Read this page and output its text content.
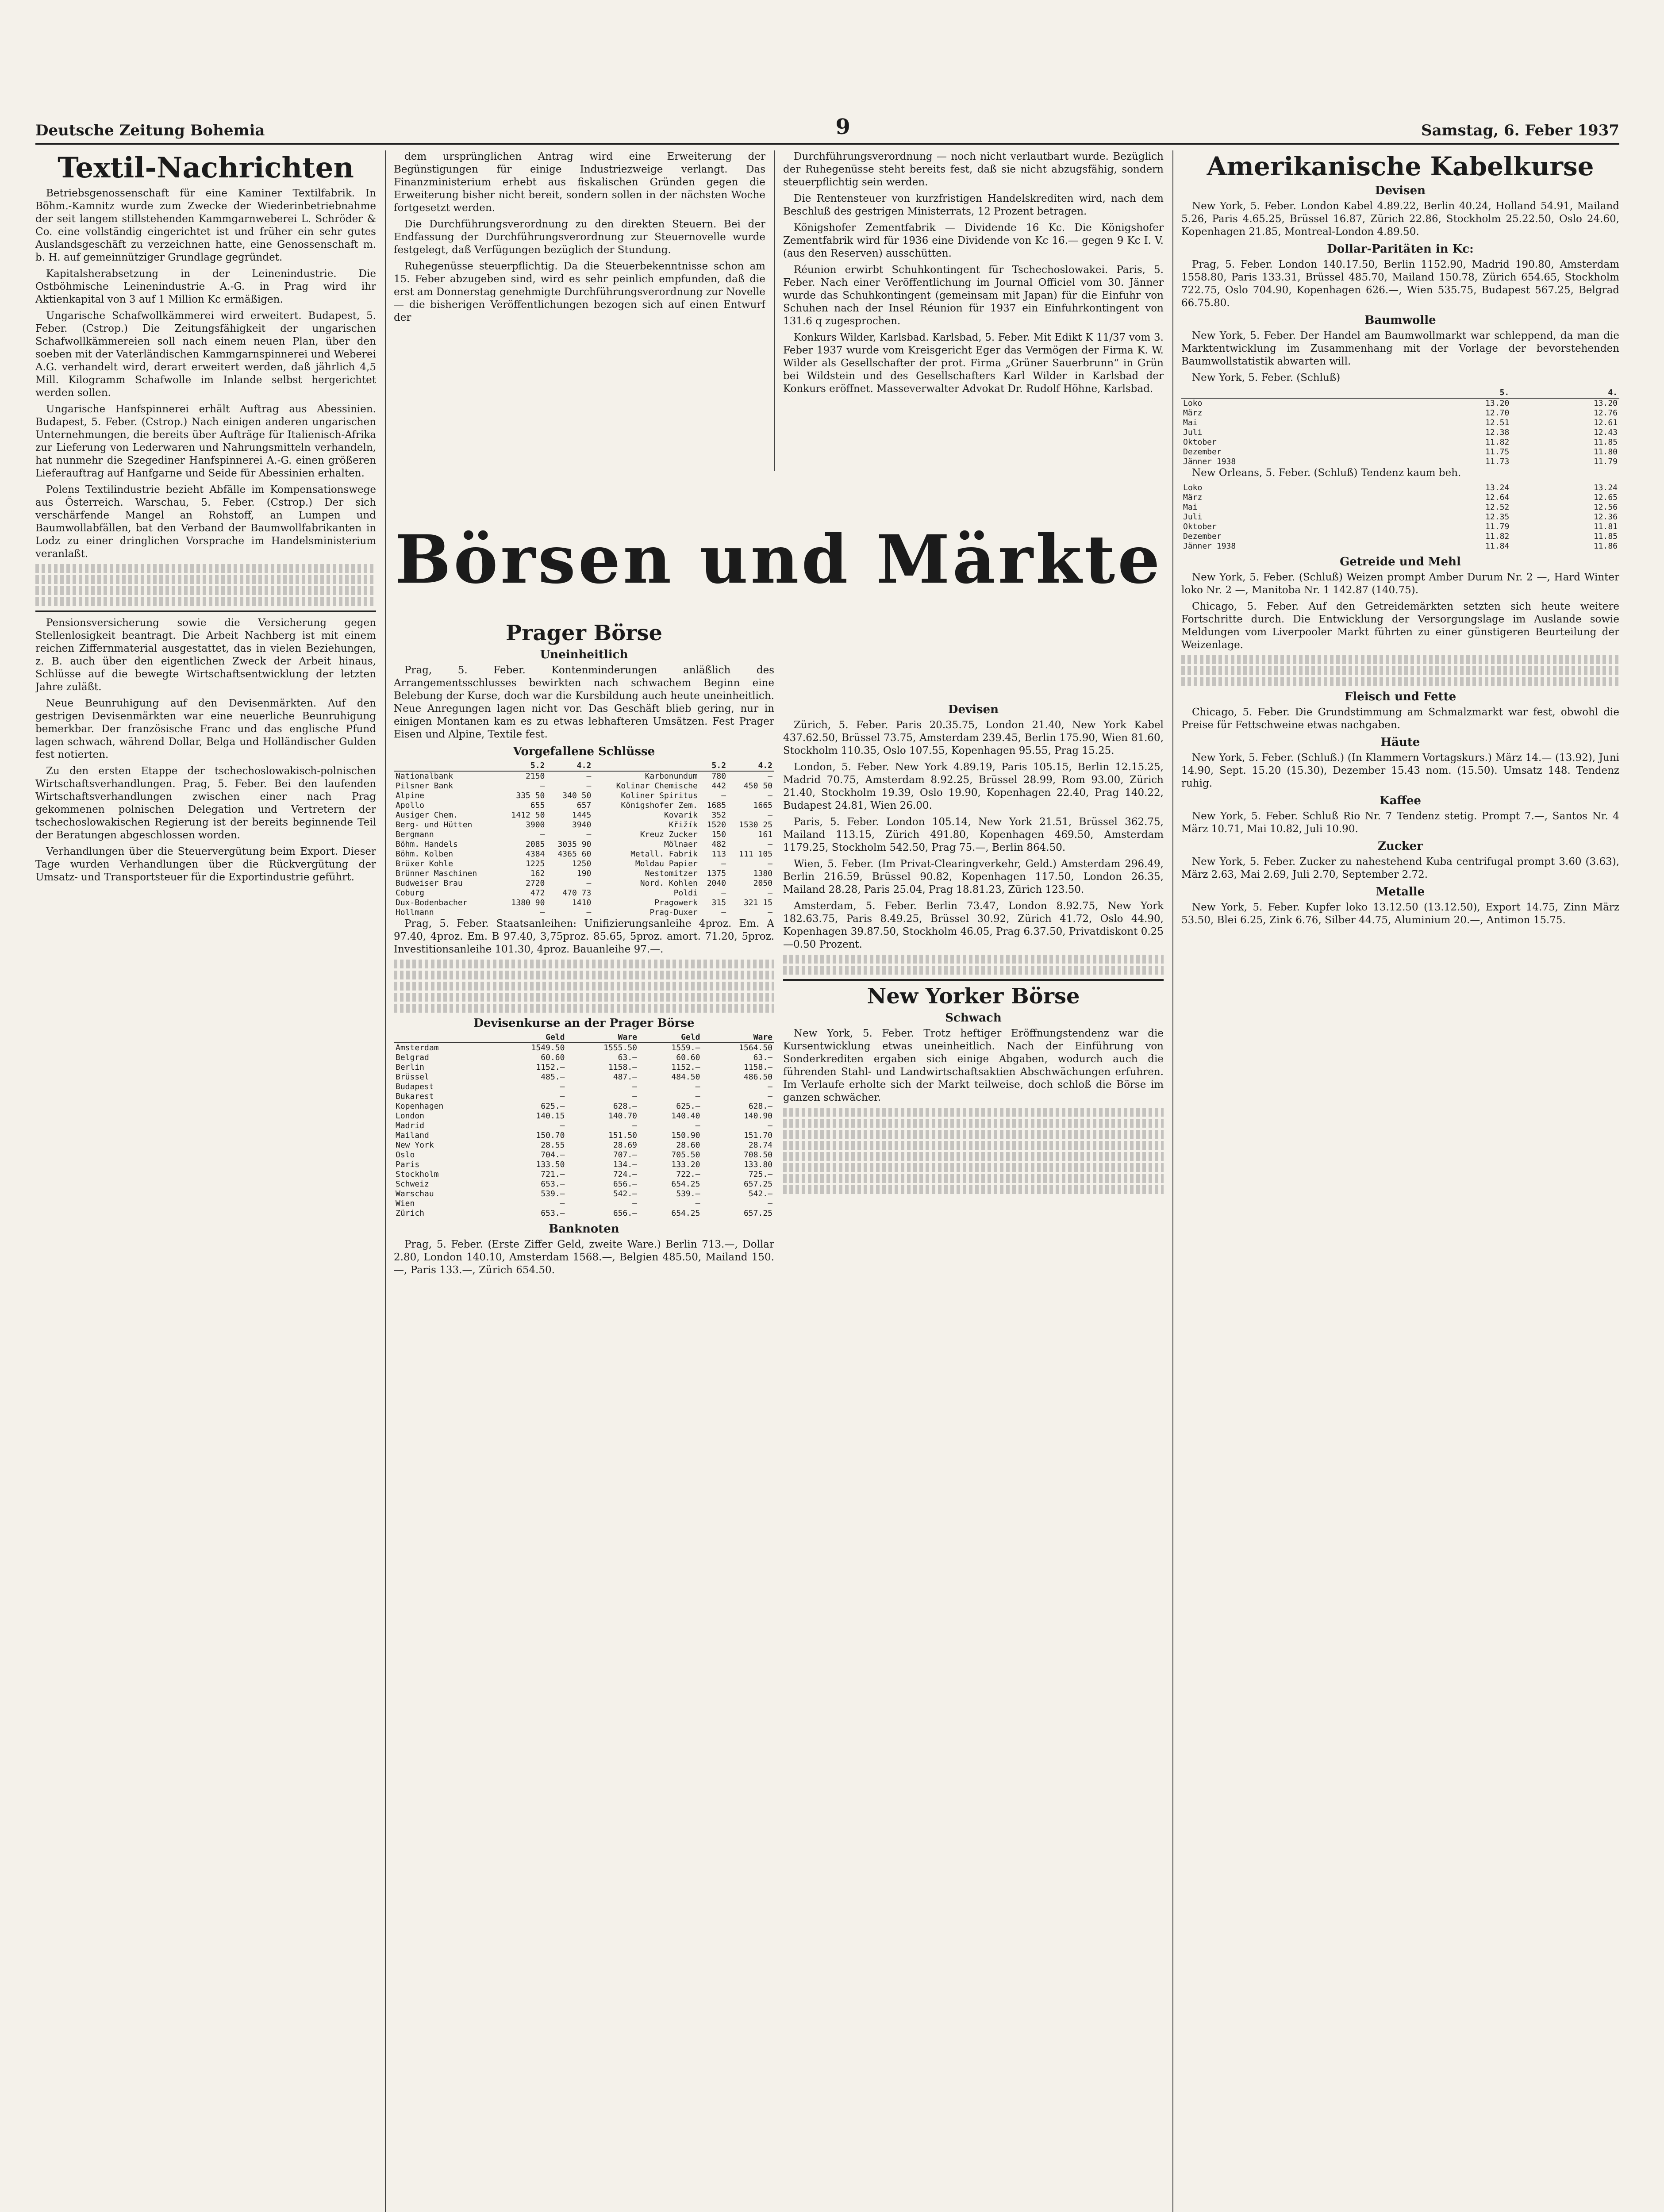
Deutsche Zeitung Bohemia	9	Samstag, 6. Feber 1937
Textil-Nachrichten

Betriebsgenossenschaft für eine Kaminer Textilfabrik. In Böhm.-Kamnitz wurde zum Zwecke der Wiederinbetriebnahme der seit langem stillstehenden Kammgarnweberei L. Schröder & Co. eine vollständig eingerichtet ist und früher ein sehr gutes Auslandsgeschäft zu verzeichnen hatte, eine Genossenschaft m. b. H. auf gemeinnütziger Grundlage gegründet.

Kapitalsherabsetzung in der Leinenindustrie. Die Ostböhmische Leinenindustrie A.-G. in Prag wird ihr Aktienkapital von 3 auf 1 Million Kc ermäßigen.

Ungarische Schafwollkämmerei wird erweitert. Budapest, 5. Feber. (Cstrop.) Die Zeitungsfähigkeit der ungarischen Schafwollkämmereien soll nach einem neuen Plan, über den soeben mit der Vaterländischen Kammgarnspinnerei und Weberei A.G. verhandelt wird, derart erweitert werden, daß jährlich 4,5 Mill. Kilogramm Schafwolle im Inlande selbst hergerichtet werden sollen.

Ungarische Hanfspinnerei erhält Auftrag aus Abessinien. Budapest, 5. Feber. (Cstrop.) Nach einigen anderen ungarischen Unternehmungen, die bereits über Aufträge für Italienisch-Afrika zur Lieferung von Lederwaren und Nahrungsmitteln verhandeln, hat nunmehr die Szegediner Hanfspinnerei A.-G. einen größeren Lieferauftrag auf Hanfgarne und Seide für Abessinien erhalten.

Polens Textilindustrie bezieht Abfälle im Kompensationswege aus Österreich. Warschau, 5. Feber. (Cstrop.) Der sich verschärfende Mangel an Rohstoff, an Lumpen und Baumwollabfällen, bat den Verband der Baumwollfabrikanten in Lodz zu einer dringlichen Vorsprache im Handelsministerium veranlaßt.

Pensionsversicherung sowie die Versicherung gegen Stellenlosigkeit beantragt. Die Arbeit Nachberg ist mit einem reichen Ziffernmaterial ausgestattet, das in vielen Beziehungen, z. B. auch über den eigentlichen Zweck der Arbeit hinaus, Schlüsse auf die bewegte Wirtschaftsentwicklung der letzten Jahre zuläßt.

Neue Beunruhigung auf den Devisenmärkten. Auf den gestrigen Devisenmärkten war eine neuerliche Beunruhigung bemerkbar. Der französische Franc und das englische Pfund lagen schwach, während Dollar, Belga und Holländischer Gulden fest notierten.

Zu den ersten Etappe der tschechoslowakisch-polnischen Wirtschaftsverhandlungen. Prag, 5. Feber. Bei den laufenden Wirtschaftsverhandlungen zwischen einer nach Prag gekommenen polnischen Delegation und Vertretern der tschechoslowakischen Regierung ist der bereits beginnende Teil der Beratungen abgeschlossen worden.

Verhandlungen über die Steuervergütung beim Export. Dieser Tage wurden Verhandlungen über die Rückvergütung der Umsatz- und Transportsteuer für die Exportindustrie geführt.

dem ursprünglichen Antrag wird eine Erweiterung der Begünstigungen für einige Industriezweige verlangt. Das Finanzministerium erhebt aus fiskalischen Gründen gegen die Erweiterung bisher nicht bereit, sondern sollen in der nächsten Woche fortgesetzt werden.

Die Durchführungsverordnung zu den direkten Steuern. Bei der Endfassung der Durchführungsverordnung zur Steuernovelle wurde festgelegt, daß Verfügungen bezüglich der Stundung.

Ruhegenüsse steuerpflichtig. Da die Steuerbekenntnisse schon am 15. Feber abzugeben sind, wird es sehr peinlich empfunden, daß die erst am Donnerstag genehmigte Durchführungsverordnung zur Novelle — die bisherigen Veröffentlichungen bezogen sich auf einen Entwurf der

Durchführungsverordnung — noch nicht verlautbart wurde. Bezüglich der Ruhegenüsse steht bereits fest, daß sie nicht abzugsfähig, sondern steuerpflichtig sein werden.

Die Rentensteuer von kurzfristigen Handelskrediten wird, nach dem Beschluß des gestrigen Ministerrats, 12 Prozent betragen.

Königshofer Zementfabrik — Dividende 16 Kc. Die Königshofer Zementfabrik wird für 1936 eine Dividende von Kc 16.— gegen 9 Kc I. V. (aus den Reserven) ausschütten.

Réunion erwirbt Schuhkontingent für Tschechoslowakei. Paris, 5. Feber. Nach einer Veröffentlichung im Journal Officiel vom 30. Jänner wurde das Schuhkontingent (gemeinsam mit Japan) für die Einfuhr von Schuhen nach der Insel Réunion für 1937 ein Einfuhrkontingent von 131.6 q zugesprochen.

Konkurs Wilder, Karlsbad. Karlsbad, 5. Feber. Mit Edikt K 11/37 vom 3. Feber 1937 wurde vom Kreisgericht Eger das Vermögen der Firma K. W. Wilder als Gesellschafter der prot. Firma „Grüner Sauerbrunn“ in Grün bei Wildstein und des Gesellschafters Karl Wilder in Karlsbad der Konkurs eröffnet. Masseverwalter Advokat Dr. Rudolf Höhne, Karlsbad.

Börsen und Märkte
Prager Börse
Uneinheitlich

Prag, 5. Feber. Kontenminderungen anläßlich des Arrangementsschlusses bewirkten nach schwachem Beginn eine Belebung der Kurse, doch war die Kursbildung auch heute uneinheitlich. Neue Anregungen lagen nicht vor. Das Geschäft blieb gering, nur in einigen Montanen kam es zu etwas lebhafteren Umsätzen. Fest Prager Eisen und Alpine, Textile fest.

Vorgefallene Schlüsse
	5.2	4.2		5.2	4.2
Nationalbank	2150	—	Karbonundum	780	—
Pilsner Bank	—	—	Kolinar Chemische	442	450 50
Alpine	335 50	340 50	Koliner Spiritus	—	—
Apollo	655	657	Königshofer Zem.	1685	1665
Ausiger Chem.	1412 50	1445	Kovarik	352	—
Berg- und Hütten	3900	3940	Křižík	1520	1530 25
Bergmann	—	—	Kreuz Zucker	150	161
Böhm. Handels	2085	3035 90	Mölnaer	482	—
Böhm. Kolben	4384	4365 60	Metall. Fabrik	113	111 105
Brüxer Kohle	1225	1250	Moldau Papier	—	—
Brünner Maschinen	162	190	Nestomitzer	1375	1380
Budweiser Brau	2720	—	Nord. Kohlen	2040	2050
Coburg	472	470 73	Poldi	—	—
Dux-Bodenbacher	1380 90	1410	Pragowerk	315	321 15
Hollmann	—	—	Prag-Duxer	—	—

Prag, 5. Feber. Staatsanleihen: Unifizierungsanleihe 4proz. Em. A 97.40, 4proz. Em. B 97.40, 3,75proz. 85.65, 5proz. amort. 71.20, 5proz. Investitionsanleihe 101.30, 4proz. Bauanleihe 97.—.

Devisenkurse an der Prager Börse
	Geld	Ware	Geld	Ware
Amsterdam	1549.50	1555.50	1559.—	1564.50
Belgrad	60.60	63.—	60.60	63.—
Berlin	1152.—	1158.—	1152.—	1158.—
Brüssel	485.—	487.—	484.50	486.50
Budapest	—	—	—	—
Bukarest	—	—	—	—
Kopenhagen	625.—	628.—	625.—	628.—
London	140.15	140.70	140.40	140.90
Madrid	—	—	—	—
Mailand	150.70	151.50	150.90	151.70
New York	28.55	28.69	28.60	28.74
Oslo	704.—	707.—	705.50	708.50
Paris	133.50	134.—	133.20	133.80
Stockholm	721.—	724.—	722.—	725.—
Schweiz	653.—	656.—	654.25	657.25
Warschau	539.—	542.—	539.—	542.—
Wien	—	—	—	—
Zürich	653.—	656.—	654.25	657.25
Banknoten

Prag, 5. Feber. (Erste Ziffer Geld, zweite Ware.) Berlin 713.—, Dollar 2.80, London 140.10, Amsterdam 1568.—, Belgien 485.50, Mailand 150.—, Paris 133.—, Zürich 654.50.

Devisen

Zürich, 5. Feber. Paris 20.35.75, London 21.40, New York Kabel 437.62.50, Brüssel 73.75, Amsterdam 239.45, Berlin 175.90, Wien 81.60, Stockholm 110.35, Oslo 107.55, Kopenhagen 95.55, Prag 15.25.

London, 5. Feber. New York 4.89.19, Paris 105.15, Berlin 12.15.25, Madrid 70.75, Amsterdam 8.92.25, Brüssel 28.99, Rom 93.00, Zürich 21.40, Stockholm 19.39, Oslo 19.90, Kopenhagen 22.40, Prag 140.22, Budapest 24.81, Wien 26.00.

Paris, 5. Feber. London 105.14, New York 21.51, Brüssel 362.75, Mailand 113.15, Zürich 491.80, Kopenhagen 469.50, Amsterdam 1179.25, Stockholm 542.50, Prag 75.—, Berlin 864.50.

Wien, 5. Feber. (Im Privat-Clearingverkehr, Geld.) Amsterdam 296.49, Berlin 216.59, Brüssel 90.82, Kopenhagen 117.50, London 26.35, Mailand 28.28, Paris 25.04, Prag 18.81.23, Zürich 123.50.

Amsterdam, 5. Feber. Berlin 73.47, London 8.92.75, New York 182.63.75, Paris 8.49.25, Brüssel 30.92, Zürich 41.72, Oslo 44.90, Kopenhagen 39.87.50, Stockholm 46.05, Prag 6.37.50, Privatdiskont 0.25—0.50 Prozent.

New Yorker Börse
Schwach

New York, 5. Feber. Trotz heftiger Eröffnungstendenz war die Kursentwicklung etwas uneinheitlich. Nach der Einführung von Sonderkrediten ergaben sich einige Abgaben, wodurch auch die führenden Stahl- und Landwirtschaftsaktien Abschwächungen erfuhren. Im Verlaufe erholte sich der Markt teilweise, doch schloß die Börse im ganzen schwächer.

Amerikanische Kabelkurse
Devisen

New York, 5. Feber. London Kabel 4.89.22, Berlin 40.24, Holland 54.91, Mailand 5.26, Paris 4.65.25, Brüssel 16.87, Zürich 22.86, Stockholm 25.22.50, Oslo 24.60, Kopenhagen 21.85, Montreal-London 4.89.50.

Dollar-Paritäten in Kc:

Prag, 5. Feber. London 140.17.50, Berlin 1152.90, Madrid 190.80, Amsterdam 1558.80, Paris 133.31, Brüssel 485.70, Mailand 150.78, Zürich 654.65, Stockholm 722.75, Oslo 704.90, Kopenhagen 626.—, Wien 535.75, Budapest 567.25, Belgrad 66.75.80.

Baumwolle

New York, 5. Feber. Der Handel am Baumwollmarkt war schleppend, da man die Marktentwicklung im Zusammenhang mit der Vorlage der bevorstehenden Baumwollstatistik abwarten will.

New York, 5. Feber. (Schluß)

	5.	4.
Loko	13.20	13.20
März	12.70	12.76
Mai	12.51	12.61
Juli	12.38	12.43
Oktober	11.82	11.85
Dezember	11.75	11.80
Jänner 1938	11.73	11.79

New Orleans, 5. Feber. (Schluß) Tendenz kaum beh.

Loko	13.24	13.24
März	12.64	12.65
Mai	12.52	12.56
Juli	12.35	12.36
Oktober	11.79	11.81
Dezember	11.82	11.85
Jänner 1938	11.84	11.86
Getreide und Mehl

New York, 5. Feber. (Schluß) Weizen prompt Amber Durum Nr. 2 —, Hard Winter loko Nr. 2 —, Manitoba Nr. 1 142.87 (140.75).

Chicago, 5. Feber. Auf den Getreidemärkten setzten sich heute weitere Fortschritte durch. Die Entwicklung der Versorgungslage im Auslande sowie Meldungen vom Liverpooler Markt führten zu einer günstigeren Beurteilung der Weizenlage.

Fleisch und Fette

Chicago, 5. Feber. Die Grundstimmung am Schmalzmarkt war fest, obwohl die Preise für Fettschweine etwas nachgaben.

Häute

New York, 5. Feber. (Schluß.) (In Klammern Vortagskurs.) März 14.— (13.92), Juni 14.90, Sept. 15.20 (15.30), Dezember 15.43 nom. (15.50). Umsatz 148. Tendenz ruhig.

Kaffee

New York, 5. Feber. Schluß Rio Nr. 7 Tendenz stetig. Prompt 7.—, Santos Nr. 4 März 10.71, Mai 10.82, Juli 10.90.

Zucker

New York, 5. Feber. Zucker zu nahestehend Kuba centrifugal prompt 3.60 (3.63), März 2.63, Mai 2.69, Juli 2.70, September 2.72.

Metalle

New York, 5. Feber. Kupfer loko 13.12.50 (13.12.50), Export 14.75, Zinn März 53.50, Blei 6.25, Zink 6.76, Silber 44.75, Aluminium 20.—, Antimon 15.75.
